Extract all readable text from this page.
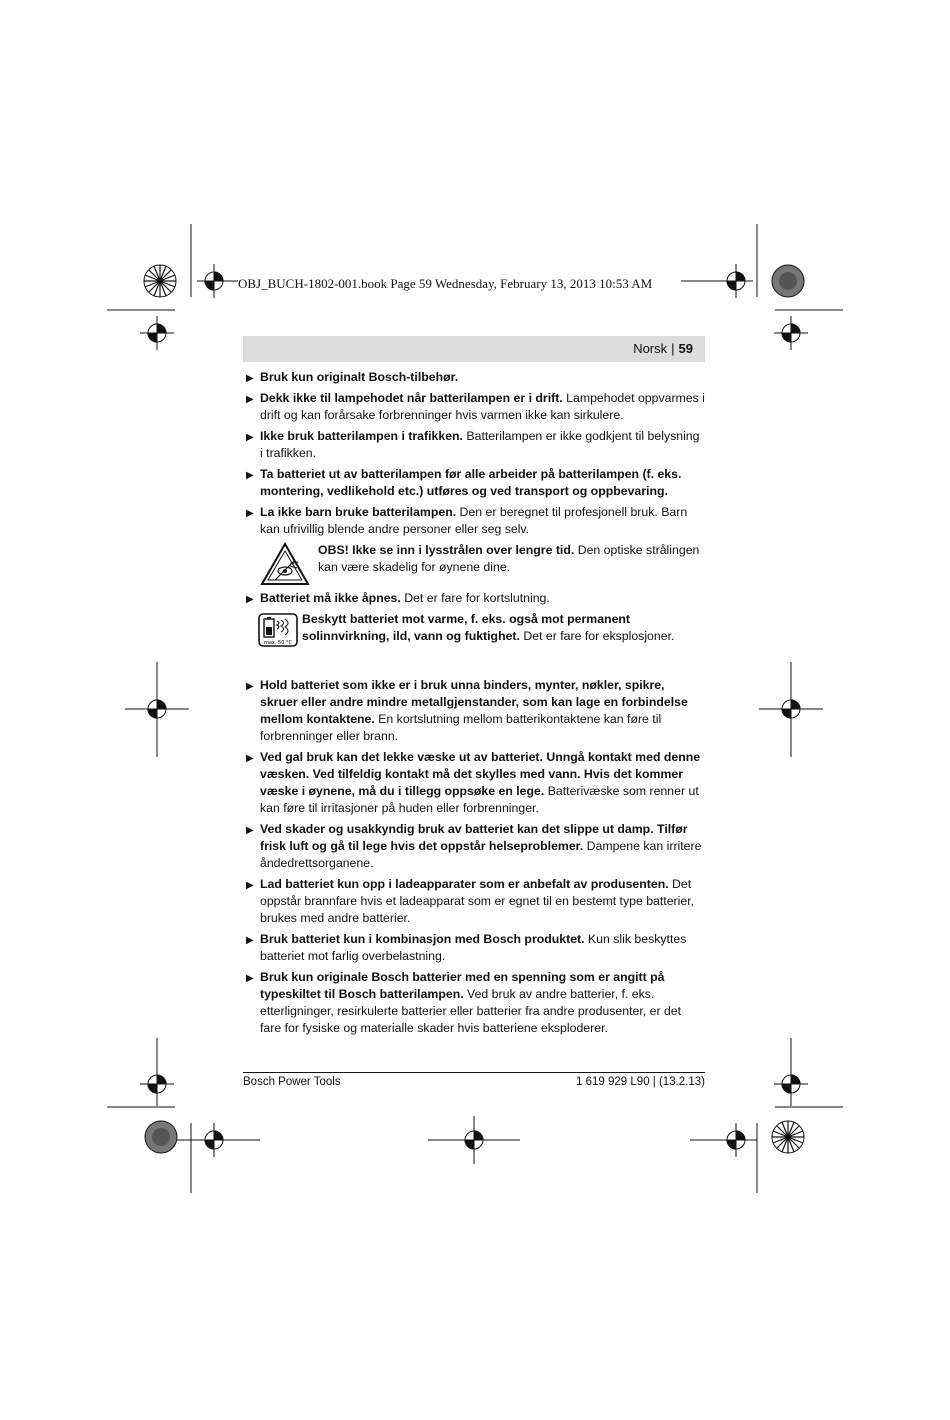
OBJ_BUCH-1802-001.book Page 59 Wednesday, February 13, 2013 10:53 AM
Norsk | 59
▶ Bruk kun originalt Bosch-tilbehør.
▶ Dekk ikke til lampehodet når batterilampen er i drift. Lampehodet oppvarmes i drift og kan forårsake forbrenninger hvis varmen ikke kan sirkulere.
▶ Ikke bruk batterilampen i trafikken. Batterilampen er ikke godkjent til belysning i trafikken.
▶ Ta batteriet ut av batterilampen før alle arbeider på batterilampen (f. eks. montering, vedlikehold etc.) utføres og ved transport og oppbevaring.
▶ La ikke barn bruke batterilampen. Den er beregnet til profesjonell bruk. Barn kan ufrivillig blende andre personer eller seg selv.
OBS! Ikke se inn i lysstrålen over lengre tid. Den optiske strålingen kan være skadelig for øynene dine.
▶ Batteriet må ikke åpnes. Det er fare for kortslutning.
max. 50 °C
Beskytt batteriet mot varme, f. eks. også mot permanent solinnvirkning, ild, vann og fuktighet. Det er fare for eksplosjoner.
▶ Hold batteriet som ikke er i bruk unna binders, mynter, nøkler, spikre, skruer eller andre mindre metallgjenstander, som kan lage en forbindelse mellom kontaktene. En kortslutning mellom batterikontaktene kan føre til forbrenninger eller brann.
▶ Ved gal bruk kan det lekke væske ut av batteriet. Unngå kontakt med denne væsken. Ved tilfeldig kontakt må det skylles med vann. Hvis det kommer væske i øynene, må du i tillegg oppsøke en lege. Batterivæske som renner ut kan føre til irritasjoner på huden eller forbrenninger.
▶ Ved skader og usakkyndig bruk av batteriet kan det slippe ut damp. Tilfør frisk luft og gå til lege hvis det oppstår helseproblemer. Dampene kan irritere åndedrettsorganene.
▶ Lad batteriet kun opp i ladeapparater som er anbefalt av produsenten. Det oppstår brannfare hvis et ladeapparat som er egnet til en bestemt type batterier, brukes med andre batterier.
▶ Bruk batteriet kun i kombinasjon med Bosch produktet. Kun slik beskyttes batteriet mot farlig overbelastning.
▶ Bruk kun originale Bosch batterier med en spenning som er angitt på typeskiltet til Bosch batterilampen. Ved bruk av andre batterier, f. eks. etterligninger, resirkulerte batterier eller batterier fra andre produsenter, er det fare for fysiske og materialle skader hvis batteriene eksploderer.
Bosch Power Tools	1 619 929 L90 | (13.2.13)
